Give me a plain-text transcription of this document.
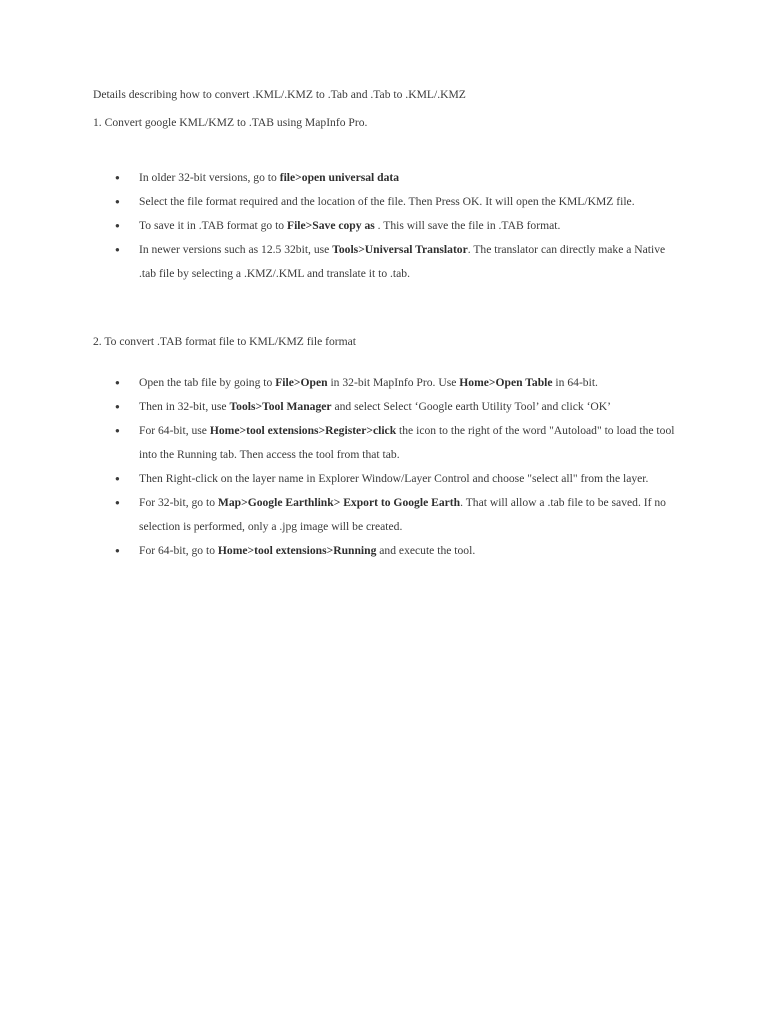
Details describing how to convert .KML/.KMZ to .Tab and .Tab to .KML/.KMZ
1. Convert google KML/KMZ to .TAB using MapInfo Pro.
● In older 32-bit versions, go to file>open universal data
● Select the file format required and the location of the file. Then Press OK. It will open the KML/KMZ file.
● To save it in .TAB format go to File>Save copy as . This will save the file in .TAB format.
● In newer versions such as 12.5 32bit, use Tools>Universal Translator. The translator can directly make a Native .tab file by selecting a .KMZ/.KML and translate it to .tab.
2. To convert .TAB format file to KML/KMZ file format
● Open the tab file by going to File>Open in 32-bit MapInfo Pro. Use Home>Open Table in 64-bit.
● Then in 32-bit, use Tools>Tool Manager and select Select ‘Google earth Utility Tool’ and click ‘OK’
● For 64-bit, use Home>tool extensions>Register>click the icon to the right of the word "Autoload" to load the tool into the Running tab. Then access the tool from that tab.
● Then Right-click on the layer name in Explorer Window/Layer Control and choose "select all" from the layer.
● For 32-bit, go to Map>Google Earthlink> Export to Google Earth. That will allow a .tab file to be saved. If no selection is performed, only a .jpg image will be created.
● For 64-bit, go to Home>tool extensions>Running and execute the tool.
